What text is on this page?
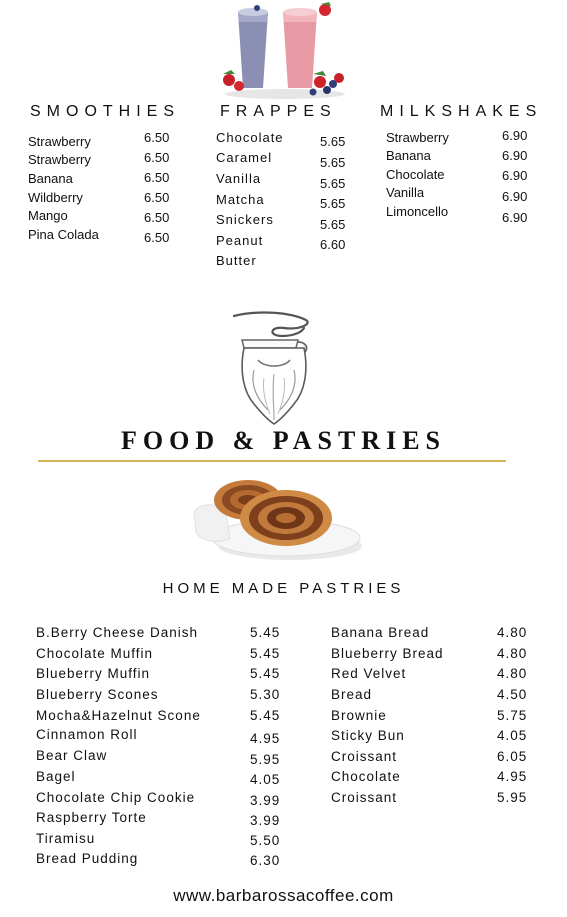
SMOOTHIES
Strawberry	6.50
Strawberry	6.50
Banana	6.50
Wildberry	6.50
Mango	6.50
Pina Colada	6.50
FRAPPES
Chocolate	5.65
Caramel	5.65
Vanilla	5.65
Matcha	5.65
Snickers	5.65
Peanut	6.60
Butter
MILKSHAKES
Strawberry	6.90
Banana	6.90
Chocolate	6.90
Vanilla	6.90
Limoncello	6.90
FOOD & PASTRIES
HOME MADE PASTRIES
B.Berry Cheese Danish	5.45
Chocolate Muffin	5.45
Blueberry Muffin	5.45
Blueberry Scones	5.30
Mocha&Hazelnut Scone	5.45
Cinnamon Roll	4.95
Bear Claw	5.95
Bagel	4.05
Chocolate Chip Cookie	3.99
Raspberry Torte	3.99
Tiramisu	5.50
Bread Pudding	6.30
Banana Bread	4.80
Blueberry Bread	4.80
Red Velvet	4.80
Bread	4.50
Brownie	5.75
Sticky Bun	4.05
Croissant	6.05
Chocolate	4.95
Croissant	5.95
www.barbarossacoffee.com
